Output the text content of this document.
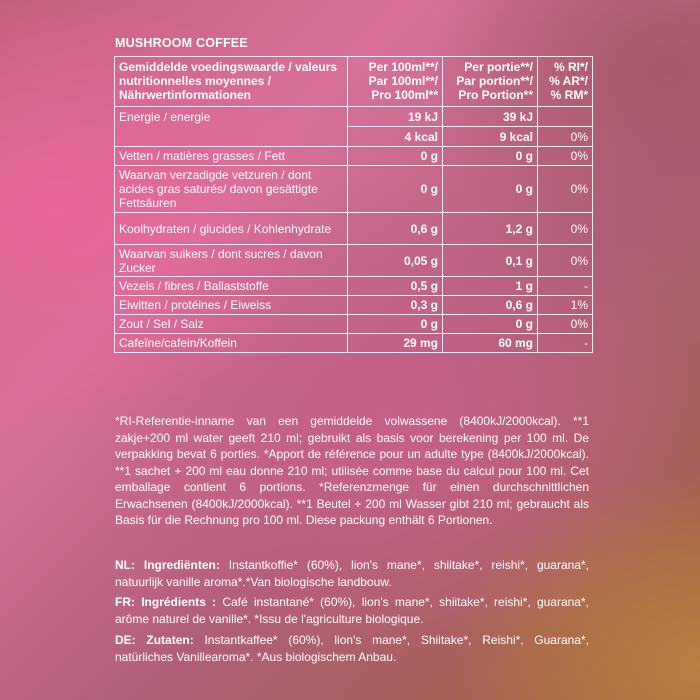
MUSHROOM COFFEE
Gemiddelde voedingswaarde / valeurs nutritionnelles moyennes / Nährwertinformationen	Per 100ml**/ Par 100ml**/ Pro 100ml**	Per portie**/ Par portion**/ Pro Portion**	% RI*/ % AR*/ % RM*
Energie / energie	19 kJ	39 kJ	
	4 kcal	9 kcal	0%
Vetten / matières grasses / Fett	0 g	0 g	0%
Waarvan verzadigde vetzuren / dont acides gras saturés/ davon gesättigte Fettsäuren	0 g	0 g	0%
Koolhydraten / glucides / Kohlenhydrate	0,6 g	1,2 g	0%
Waarvan suikers / dont sucres / davon Zucker	0,05 g	0,1 g	0%
Vezels / fibres / Ballaststoffe	0,5 g	1 g	-
Eiwitten / protéines / Eiweiss	0,3 g	0,6 g	1%
Zout / Sel / Salz	0 g	0 g	0%
Cafeïne/cafein/Koffein	29 mg	60 mg	-
*RI-Referentie-inname van een gemiddelde volwassene (8400kJ/2000kcal). **1 zakje+200 ml water geeft 210 ml; gebruikt als basis voor berekening per 100 ml. De verpakking bevat 6 porties. *Apport de référence pour un adulte type (8400kJ/2000kcal). **1 sachet + 200 ml eau donne 210 ml; utilisée comme base du calcul pour 100 ml. Cet emballage contient 6 portions. *Referenzmenge für einen durchschnittlichen Erwachsenen (8400kJ/2000kcal). **1 Beutel + 200 ml Wasser gibt 210 ml; gebraucht als Basis für die Rechnung pro 100 ml. Diese packung enthält 6 Portionen.
NL: Ingrediënten: Instantkoffie* (60%), lion's mane*, shiitake*, reishi*, guarana*, natuurlijk vanille aroma*.*Van biologische landbouw.
FR: Ingrédients : Café instantané* (60%), lion's mane*, shiitake*, reishi*, guarana*, arôme naturel de vanille*. *Issu de l'agriculture biologique.
DE: Zutaten: Instantkaffee* (60%), lion's mane*, Shiitake*, Reishi*, Guarana*, natürliches Vanillearoma*. *Aus biologischem Anbau.
